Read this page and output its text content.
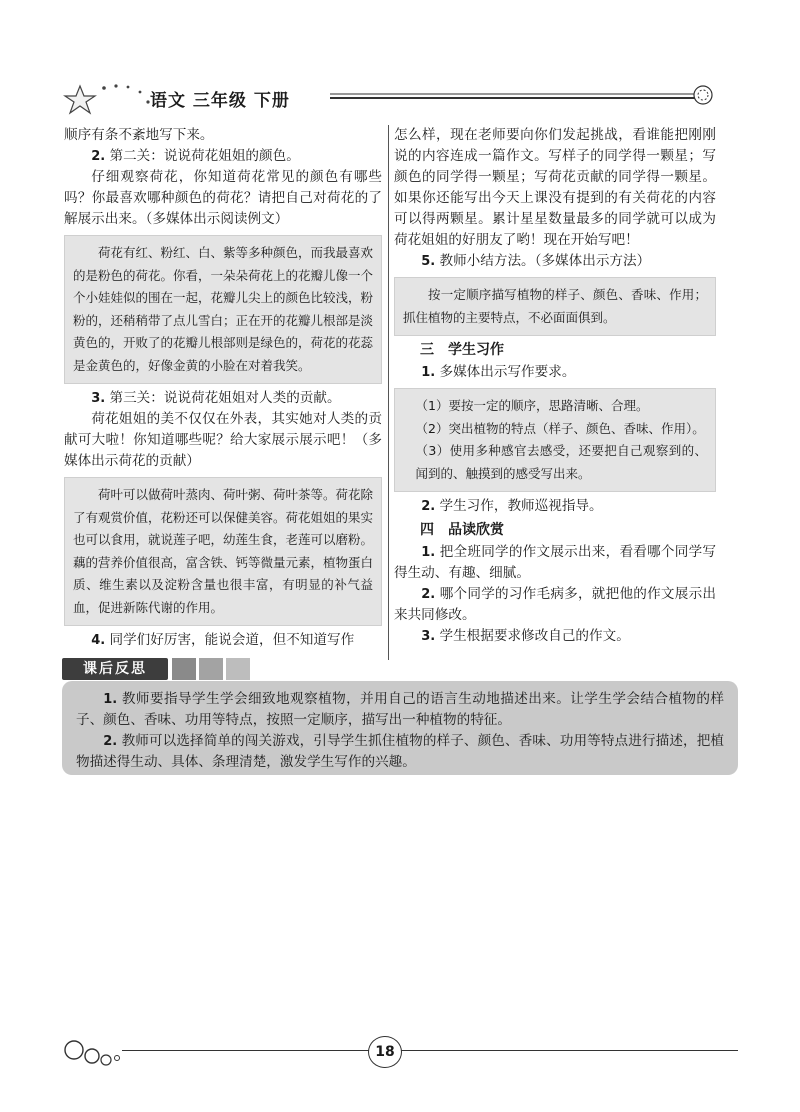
语文 三年级 下册

顺序有条不紊地写下来。

2. 第二关：说说荷花姐姐的颜色。

仔细观察荷花，你知道荷花常见的颜色有哪些吗？你最喜欢哪种颜色的荷花？请把自己对荷花的了解展示出来。（多媒体出示阅读例文）

荷花有红、粉红、白、紫等多种颜色，而我最喜欢的是粉色的荷花。你看，一朵朵荷花上的花瓣儿像一个个小娃娃似的围在一起，花瓣儿尖上的颜色比较浅，粉粉的，还稍稍带了点儿雪白；正在开的花瓣儿根部是淡黄色的，开败了的花瓣儿根部则是绿色的，荷花的花蕊是金黄色的，好像金黄的小脸在对着我笑。

3. 第三关：说说荷花姐姐对人类的贡献。

荷花姐姐的美不仅仅在外表，其实她对人类的贡献可大啦！你知道哪些呢？给大家展示展示吧！（多媒体出示荷花的贡献）

荷叶可以做荷叶蒸肉、荷叶粥、荷叶茶等。荷花除了有观赏价值，花粉还可以保健美容。荷花姐姐的果实也可以食用，就说莲子吧，幼莲生食，老莲可以磨粉。藕的营养价值很高，富含铁、钙等微量元素，植物蛋白质、维生素以及淀粉含量也很丰富，有明显的补气益血，促进新陈代谢的作用。

4. 同学们好厉害，能说会道，但不知道写作

怎么样，现在老师要向你们发起挑战，看谁能把刚刚说的内容连成一篇作文。写样子的同学得一颗星；写颜色的同学得一颗星；写荷花贡献的同学得一颗星。如果你还能写出今天上课没有提到的有关荷花的内容可以得两颗星。累计星星数量最多的同学就可以成为荷花姐姐的好朋友了哟！现在开始写吧！

5. 教师小结方法。（多媒体出示方法）

按一定顺序描写植物的样子、颜色、香味、作用；抓住植物的主要特点，不必面面俱到。

三 学生习作

1. 多媒体出示写作要求。

（1）要按一定的顺序，思路清晰、合理。

（2）突出植物的特点（样子、颜色、香味、作用）。

（3）使用多种感官去感受，还要把自己观察到的、闻到的、触摸到的感受写出来。

2. 学生习作，教师巡视指导。

四 品读欣赏

1. 把全班同学的作文展示出来，看看哪个同学写得生动、有趣、细腻。

2. 哪个同学的习作毛病多，就把他的作文展示出来共同修改。

3. 学生根据要求修改自己的作文。

课后反思

1. 教师要指导学生学会细致地观察植物，并用自己的语言生动地描述出来。让学生学会结合植物的样子、颜色、香味、功用等特点，按照一定顺序，描写出一种植物的特征。

2. 教师可以选择简单的闯关游戏，引导学生抓住植物的样子、颜色、香味、功用等特点进行描述，把植物描述得生动、具体、条理清楚，激发学生写作的兴趣。

18
